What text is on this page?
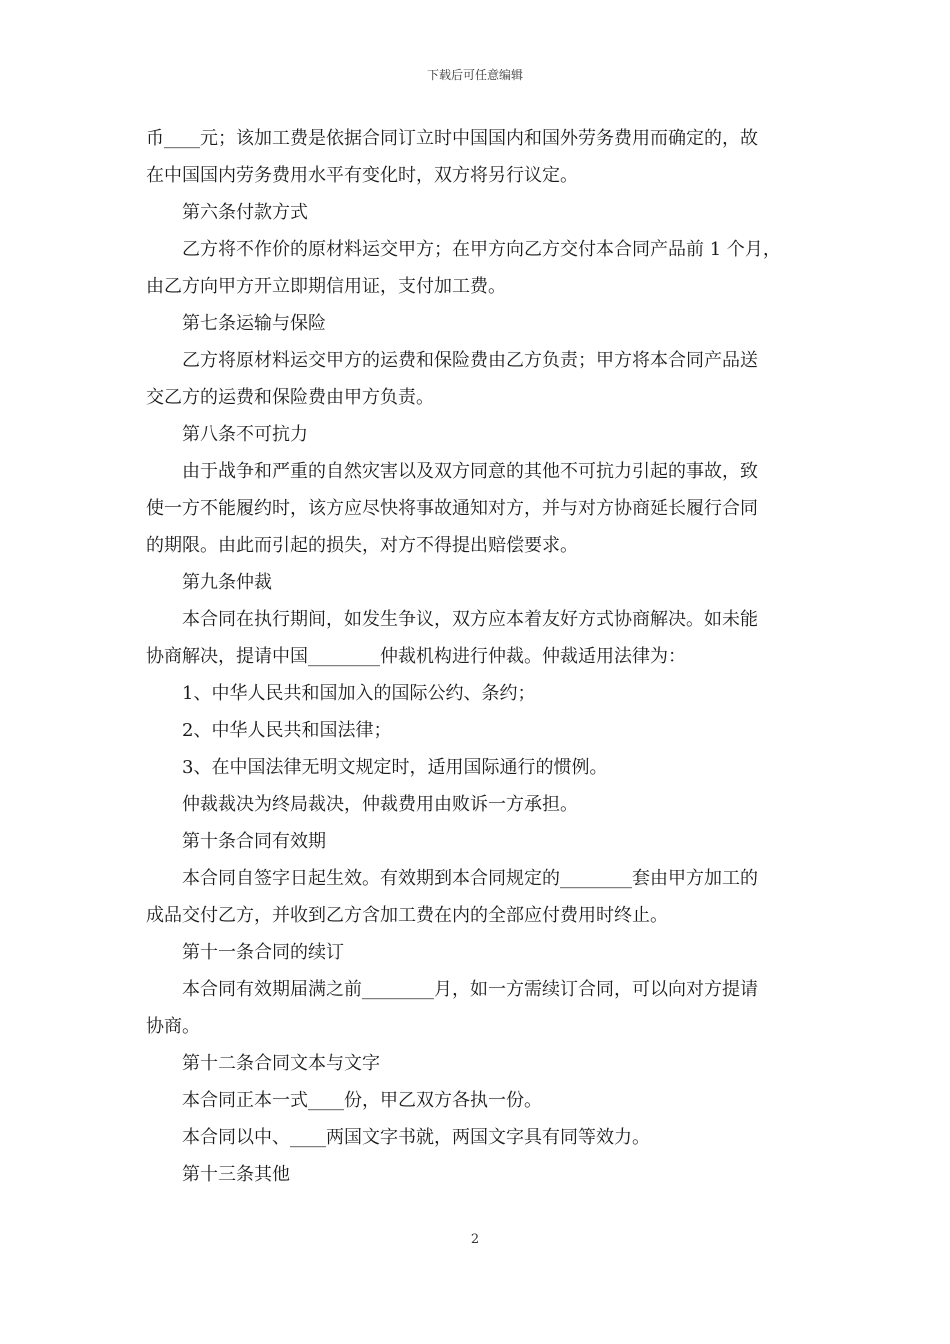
下载后可任意编辑
币____元；该加工费是依据合同订立时中国国内和国外劳务费用而确定的，故
在中国国内劳务费用水平有变化时，双方将另行议定。
第六条付款方式
乙方将不作价的原材料运交甲方；在甲方向乙方交付本合同产品前 1 个月，
由乙方向甲方开立即期信用证，支付加工费。
第七条运输与保险
乙方将原材料运交甲方的运费和保险费由乙方负责；甲方将本合同产品送
交乙方的运费和保险费由甲方负责。
第八条不可抗力
由于战争和严重的自然灾害以及双方同意的其他不可抗力引起的事故，致
使一方不能履约时，该方应尽快将事故通知对方，并与对方协商延长履行合同
的期限。由此而引起的损失，对方不得提出赔偿要求。
第九条仲裁
本合同在执行期间，如发生争议，双方应本着友好方式协商解决。如未能
协商解决，提请中国________仲裁机构进行仲裁。仲裁适用法律为：
1、中华人民共和国加入的国际公约、条约；
2、中华人民共和国法律；
3、在中国法律无明文规定时，适用国际通行的惯例。
仲裁裁决为终局裁决，仲裁费用由败诉一方承担。
第十条合同有效期
本合同自签字日起生效。有效期到本合同规定的________套由甲方加工的
成品交付乙方，并收到乙方含加工费在内的全部应付费用时终止。
第十一条合同的续订
本合同有效期届满之前________月，如一方需续订合同，可以向对方提请
协商。
第十二条合同文本与文字
本合同正本一式____份，甲乙双方各执一份。
本合同以中、____两国文字书就，两国文字具有同等效力。
第十三条其他
2
